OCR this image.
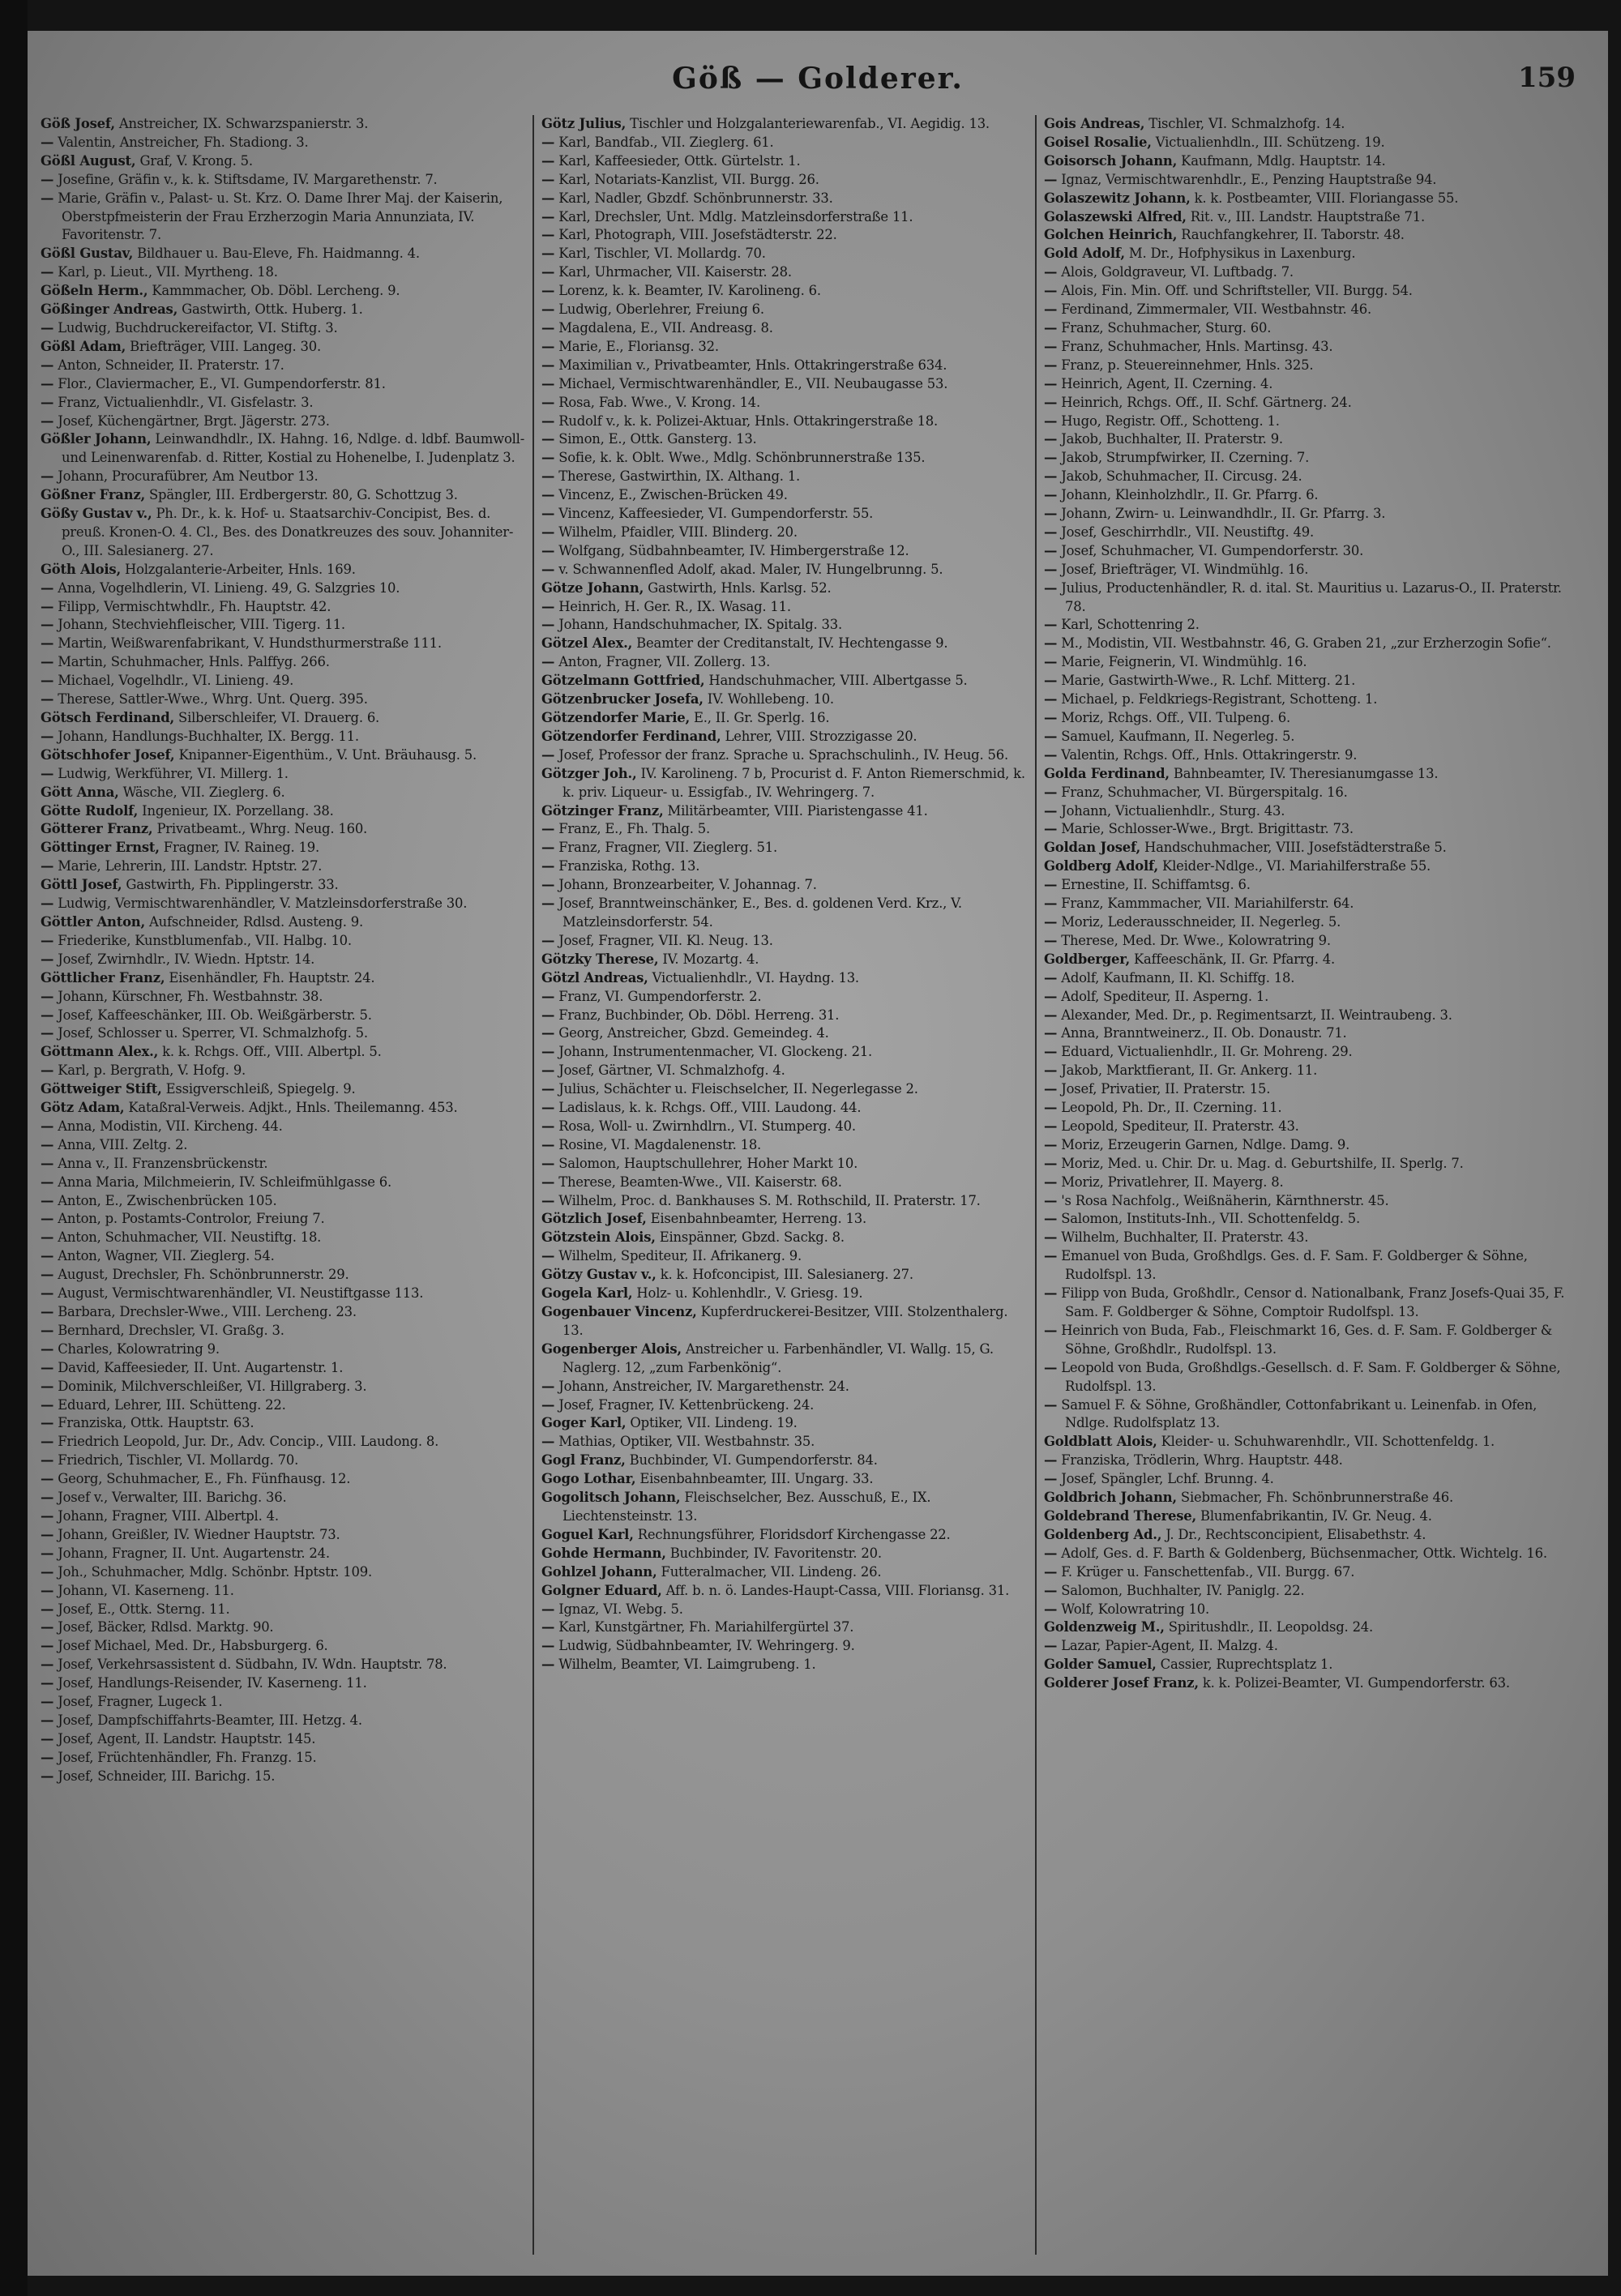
Göß — Golderer.	159
Göß Josef, Anstreicher, IX. Schwarzspanierstr. 3.
— Valentin, Anstreicher, Fh. Stadiong. 3.
Gößl August, Graf, V. Krong. 5.
— Josefine, Gräfin v., k. k. Stiftsdame, IV. Margarethenstr. 7.
— Marie, Gräfin v., Palast- u. St. Krz. O. Dame Ihrer Maj. der Kaiserin, Oberstpfmeisterin der Frau Erzherzogin Maria Annunziata, IV. Favoritenstr. 7.
Gößl Gustav, Bildhauer u. Bau-Eleve, Fh. Haidmanng. 4.
— Karl, p. Lieut., VII. Myrtheng. 18.
Gößeln Herm., Kammmacher, Ob. Döbl. Lercheng. 9.
Gößinger Andreas, Gastwirth, Ottk. Huberg. 1.
— Ludwig, Buchdruckereifactor, VI. Stiftg. 3.
Gößl Adam, Briefträger, VIII. Langeg. 30.
— Anton, Schneider, II. Praterstr. 17.
— Flor., Claviermacher, E., VI. Gumpendorferstr. 81.
— Franz, Victualienhdlr., VI. Gisfelastr. 3.
— Josef, Küchengärtner, Brgt. Jägerstr. 273.
Gößler Johann, Leinwandhdlr., IX. Hahng. 16, Ndlge. d. ldbf. Baumwoll- und Leinenwarenfab. d. Ritter, Kostial zu Hohenelbe, I. Judenplatz 3.
— Johann, Procurafübrer, Am Neutbor 13.
Gößner Franz, Spängler, III. Erdbergerstr. 80, G. Schottzug 3.
Gößy Gustav v., Ph. Dr., k. k. Hof- u. Staatsarchiv-Concipist, Bes. d. preuß. Kronen-O. 4. Cl., Bes. des Donatkreuzes des souv. Johanniter-O., III. Salesianerg. 27.
Göth Alois, Holzgalanterie-Arbeiter, Hnls. 169.
— Anna, Vogelhdlerin, VI. Linieng. 49, G. Salzgries 10.
— Filipp, Vermischtwhdlr., Fh. Hauptstr. 42.
— Johann, Stechviehfleischer, VIII. Tigerg. 11.
— Martin, Weißwarenfabrikant, V. Hundsthurmerstraße 111.
— Martin, Schuhmacher, Hnls. Palffyg. 266.
— Michael, Vogelhdlr., VI. Linieng. 49.
— Therese, Sattler-Wwe., Whrg. Unt. Querg. 395.
Götsch Ferdinand, Silberschleifer, VI. Drauerg. 6.
— Johann, Handlungs-Buchhalter, IX. Bergg. 11.
Götschhofer Josef, Knipanner-Eigenthüm., V. Unt. Bräuhausg. 5.
— Ludwig, Werkführer, VI. Millerg. 1.
Gött Anna, Wäsche, VII. Zieglerg. 6.
Götte Rudolf, Ingenieur, IX. Porzellang. 38.
Götterer Franz, Privatbeamt., Whrg. Neug. 160.
Göttinger Ernst, Fragner, IV. Raineg. 19.
— Marie, Lehrerin, III. Landstr. Hptstr. 27.
Göttl Josef, Gastwirth, Fh. Pipplingerstr. 33.
— Ludwig, Vermischtwarenhändler, V. Matzleinsdorferstraße 30.
Göttler Anton, Aufschneider, Rdlsd. Austeng. 9.
— Friederike, Kunstblumenfab., VII. Halbg. 10.
— Josef, Zwirnhdlr., IV. Wiedn. Hptstr. 14.
Göttlicher Franz, Eisenhändler, Fh. Hauptstr. 24.
— Johann, Kürschner, Fh. Westbahnstr. 38.
— Josef, Kaffeeschänker, III. Ob. Weißgärberstr. 5.
— Josef, Schlosser u. Sperrer, VI. Schmalzhofg. 5.
Göttmann Alex., k. k. Rchgs. Off., VIII. Albertpl. 5.
— Karl, p. Bergrath, V. Hofg. 9.
Göttweiger Stift, Essigverschleiß, Spiegelg. 9.
Götz Adam, Kataßral-Verweis. Adjkt., Hnls. Theilemanng. 453.
— Anna, Modistin, VII. Kircheng. 44.
— Anna, VIII. Zeltg. 2.
— Anna v., II. Franzensbrückenstr.
— Anna Maria, Milchmeierin, IV. Schleifmühlgasse 6.
— Anton, E., Zwischenbrücken 105.
— Anton, p. Postamts-Controlor, Freiung 7.
— Anton, Schuhmacher, VII. Neustiftg. 18.
— Anton, Wagner, VII. Zieglerg. 54.
— August, Drechsler, Fh. Schönbrunnerstr. 29.
— August, Vermischtwarenhändler, VI. Neustiftgasse 113.
— Barbara, Drechsler-Wwe., VIII. Lercheng. 23.
— Bernhard, Drechsler, VI. Graßg. 3.
— Charles, Kolowratring 9.
— David, Kaffeesieder, II. Unt. Augartenstr. 1.
— Dominik, Milchverschleißer, VI. Hillgraberg. 3.
— Eduard, Lehrer, III. Schütteng. 22.
— Franziska, Ottk. Hauptstr. 63.
— Friedrich Leopold, Jur. Dr., Adv. Concip., VIII. Laudong. 8.
— Friedrich, Tischler, VI. Mollardg. 70.
— Georg, Schuhmacher, E., Fh. Fünfhausg. 12.
— Josef v., Verwalter, III. Barichg. 36.
— Johann, Fragner, VIII. Albertpl. 4.
— Johann, Greißler, IV. Wiedner Hauptstr. 73.
— Johann, Fragner, II. Unt. Augartenstr. 24.
— Joh., Schuhmacher, Mdlg. Schönbr. Hptstr. 109.
— Johann, VI. Kaserneng. 11.
— Josef, E., Ottk. Sterng. 11.
— Josef, Bäcker, Rdlsd. Marktg. 90.
— Josef Michael, Med. Dr., Habsburgerg. 6.
— Josef, Verkehrsassistent d. Südbahn, IV. Wdn. Hauptstr. 78.
— Josef, Handlungs-Reisender, IV. Kaserneng. 11.
— Josef, Fragner, Lugeck 1.
— Josef, Dampfschiffahrts-Beamter, III. Hetzg. 4.
— Josef, Agent, II. Landstr. Hauptstr. 145.
— Josef, Früchtenhändler, Fh. Franzg. 15.
— Josef, Schneider, III. Barichg. 15.
Götz Julius, Tischler und Holzgalanteriewarenfab., VI. Aegidig. 13.
— Karl, Bandfab., VII. Zieglerg. 61.
— Karl, Kaffeesieder, Ottk. Gürtelstr. 1.
— Karl, Notariats-Kanzlist, VII. Burgg. 26.
— Karl, Nadler, Gbzdf. Schönbrunnerstr. 33.
— Karl, Drechsler, Unt. Mdlg. Matzleinsdorferstraße 11.
— Karl, Photograph, VIII. Josefstädterstr. 22.
— Karl, Tischler, VI. Mollardg. 70.
— Karl, Uhrmacher, VII. Kaiserstr. 28.
— Lorenz, k. k. Beamter, IV. Karolineng. 6.
— Ludwig, Oberlehrer, Freiung 6.
— Magdalena, E., VII. Andreasg. 8.
— Marie, E., Floriansg. 32.
— Maximilian v., Privatbeamter, Hnls. Ottakringerstraße 634.
— Michael, Vermischtwarenhändler, E., VII. Neubaugasse 53.
— Rosa, Fab. Wwe., V. Krong. 14.
— Rudolf v., k. k. Polizei-Aktuar, Hnls. Ottakringerstraße 18.
— Simon, E., Ottk. Gansterg. 13.
— Sofie, k. k. Oblt. Wwe., Mdlg. Schönbrunnerstraße 135.
— Therese, Gastwirthin, IX. Althang. 1.
— Vincenz, E., Zwischen-Brücken 49.
— Vincenz, Kaffeesieder, VI. Gumpendorferstr. 55.
— Wilhelm, Pfaidler, VIII. Blinderg. 20.
— Wolfgang, Südbahnbeamter, IV. Himbergerstraße 12.
— v. Schwannenfled Adolf, akad. Maler, IV. Hungelbrunng. 5.
Götze Johann, Gastwirth, Hnls. Karlsg. 52.
— Heinrich, H. Ger. R., IX. Wasag. 11.
— Johann, Handschuhmacher, IX. Spitalg. 33.
Götzel Alex., Beamter der Creditanstalt, IV. Hechtengasse 9.
— Anton, Fragner, VII. Zollerg. 13.
Götzelmann Gottfried, Handschuhmacher, VIII. Albertgasse 5.
Götzenbrucker Josefa, IV. Wohllebeng. 10.
Götzendorfer Marie, E., II. Gr. Sperlg. 16.
Götzendorfer Ferdinand, Lehrer, VIII. Strozzigasse 20.
— Josef, Professor der franz. Sprache u. Sprachschulinh., IV. Heug. 56.
Götzger Joh., IV. Karolineng. 7 b, Procurist d. F. Anton Riemerschmid, k. k. priv. Liqueur- u. Essigfab., IV. Wehringerg. 7.
Götzinger Franz, Militärbeamter, VIII. Piaristengasse 41.
— Franz, E., Fh. Thalg. 5.
— Franz, Fragner, VII. Zieglerg. 51.
— Franziska, Rothg. 13.
— Johann, Bronzearbeiter, V. Johannag. 7.
— Josef, Branntweinschänker, E., Bes. d. goldenen Verd. Krz., V. Matzleinsdorferstr. 54.
— Josef, Fragner, VII. Kl. Neug. 13.
Götzky Therese, IV. Mozartg. 4.
Götzl Andreas, Victualienhdlr., VI. Haydng. 13.
— Franz, VI. Gumpendorferstr. 2.
— Franz, Buchbinder, Ob. Döbl. Herreng. 31.
— Georg, Anstreicher, Gbzd. Gemeindeg. 4.
— Johann, Instrumentenmacher, VI. Glockeng. 21.
— Josef, Gärtner, VI. Schmalzhofg. 4.
— Julius, Schächter u. Fleischselcher, II. Negerlegasse 2.
— Ladislaus, k. k. Rchgs. Off., VIII. Laudong. 44.
— Rosa, Woll- u. Zwirnhdlrn., VI. Stumperg. 40.
— Rosine, VI. Magdalenenstr. 18.
— Salomon, Hauptschullehrer, Hoher Markt 10.
— Therese, Beamten-Wwe., VII. Kaiserstr. 68.
— Wilhelm, Proc. d. Bankhauses S. M. Rothschild, II. Praterstr. 17.
Götzlich Josef, Eisenbahnbeamter, Herreng. 13.
Götzstein Alois, Einspänner, Gbzd. Sackg. 8.
— Wilhelm, Spediteur, II. Afrikanerg. 9.
Götzy Gustav v., k. k. Hofconcipist, III. Salesianerg. 27.
Gogela Karl, Holz- u. Kohlenhdlr., V. Griesg. 19.
Gogenbauer Vincenz, Kupferdruckerei-Besitzer, VIII. Stolzenthalerg. 13.
Gogenberger Alois, Anstreicher u. Farbenhändler, VI. Wallg. 15, G. Naglerg. 12, „zum Farbenkönig“.
— Johann, Anstreicher, IV. Margarethenstr. 24.
— Josef, Fragner, IV. Kettenbrückeng. 24.
Goger Karl, Optiker, VII. Lindeng. 19.
— Mathias, Optiker, VII. Westbahnstr. 35.
Gogl Franz, Buchbinder, VI. Gumpendorferstr. 84.
Gogo Lothar, Eisenbahnbeamter, III. Ungarg. 33.
Gogolitsch Johann, Fleischselcher, Bez. Ausschuß, E., IX. Liechtensteinstr. 13.
Goguel Karl, Rechnungsführer, Floridsdorf Kirchengasse 22.
Gohde Hermann, Buchbinder, IV. Favoritenstr. 20.
Gohlzel Johann, Futteralmacher, VII. Lindeng. 26.
Golgner Eduard, Aff. b. n. ö. Landes-Haupt-Cassa, VIII. Floriansg. 31.
— Ignaz, VI. Webg. 5.
— Karl, Kunstgärtner, Fh. Mariahilfergürtel 37.
— Ludwig, Südbahnbeamter, IV. Wehringerg. 9.
— Wilhelm, Beamter, VI. Laimgrubeng. 1.
Gois Andreas, Tischler, VI. Schmalzhofg. 14.
Goisel Rosalie, Victualienhdln., III. Schützeng. 19.
Goisorsch Johann, Kaufmann, Mdlg. Hauptstr. 14.
— Ignaz, Vermischtwarenhdlr., E., Penzing Hauptstraße 94.
Golaszewitz Johann, k. k. Postbeamter, VIII. Floriangasse 55.
Golaszewski Alfred, Rit. v., III. Landstr. Hauptstraße 71.
Golchen Heinrich, Rauchfangkehrer, II. Taborstr. 48.
Gold Adolf, M. Dr., Hofphysikus in Laxenburg.
— Alois, Goldgraveur, VI. Luftbadg. 7.
— Alois, Fin. Min. Off. und Schriftsteller, VII. Burgg. 54.
— Ferdinand, Zimmermaler, VII. Westbahnstr. 46.
— Franz, Schuhmacher, Sturg. 60.
— Franz, Schuhmacher, Hnls. Martinsg. 43.
— Franz, p. Steuereinnehmer, Hnls. 325.
— Heinrich, Agent, II. Czerning. 4.
— Heinrich, Rchgs. Off., II. Schf. Gärtnerg. 24.
— Hugo, Registr. Off., Schotteng. 1.
— Jakob, Buchhalter, II. Praterstr. 9.
— Jakob, Strumpfwirker, II. Czerning. 7.
— Jakob, Schuhmacher, II. Circusg. 24.
— Johann, Kleinholzhdlr., II. Gr. Pfarrg. 6.
— Johann, Zwirn- u. Leinwandhdlr., II. Gr. Pfarrg. 3.
— Josef, Geschirrhdlr., VII. Neustiftg. 49.
— Josef, Schuhmacher, VI. Gumpendorferstr. 30.
— Josef, Briefträger, VI. Windmühlg. 16.
— Julius, Productenhändler, R. d. ital. St. Mauritius u. Lazarus-O., II. Praterstr. 78.
— Karl, Schottenring 2.
— M., Modistin, VII. Westbahnstr. 46, G. Graben 21, „zur Erzherzogin Sofie“.
— Marie, Feignerin, VI. Windmühlg. 16.
— Marie, Gastwirth-Wwe., R. Lchf. Mitterg. 21.
— Michael, p. Feldkriegs-Registrant, Schotteng. 1.
— Moriz, Rchgs. Off., VII. Tulpeng. 6.
— Samuel, Kaufmann, II. Negerleg. 5.
— Valentin, Rchgs. Off., Hnls. Ottakringerstr. 9.
Golda Ferdinand, Bahnbeamter, IV. Theresianumgasse 13.
— Franz, Schuhmacher, VI. Bürgerspitalg. 16.
— Johann, Victualienhdlr., Sturg. 43.
— Marie, Schlosser-Wwe., Brgt. Brigittastr. 73.
Goldan Josef, Handschuhmacher, VIII. Josefstädterstraße 5.
Goldberg Adolf, Kleider-Ndlge., VI. Mariahilferstraße 55.
— Ernestine, II. Schiffamtsg. 6.
— Franz, Kammmacher, VII. Mariahilferstr. 64.
— Moriz, Lederausschneider, II. Negerleg. 5.
— Therese, Med. Dr. Wwe., Kolowratring 9.
Goldberger, Kaffeeschänk, II. Gr. Pfarrg. 4.
— Adolf, Kaufmann, II. Kl. Schiffg. 18.
— Adolf, Spediteur, II. Asperng. 1.
— Alexander, Med. Dr., p. Regimentsarzt, II. Weintraubeng. 3.
— Anna, Branntweinerz., II. Ob. Donaustr. 71.
— Eduard, Victualienhdlr., II. Gr. Mohreng. 29.
— Jakob, Marktfierant, II. Gr. Ankerg. 11.
— Josef, Privatier, II. Praterstr. 15.
— Leopold, Ph. Dr., II. Czerning. 11.
— Leopold, Spediteur, II. Praterstr. 43.
— Moriz, Erzeugerin Garnen, Ndlge. Damg. 9.
— Moriz, Med. u. Chir. Dr. u. Mag. d. Geburtshilfe, II. Sperlg. 7.
— Moriz, Privatlehrer, II. Mayerg. 8.
— 's Rosa Nachfolg., Weißnäherin, Kärnthnerstr. 45.
— Salomon, Instituts-Inh., VII. Schottenfeldg. 5.
— Wilhelm, Buchhalter, II. Praterstr. 43.
— Emanuel von Buda, Großhdlgs. Ges. d. F. Sam. F. Goldberger & Söhne, Rudolfspl. 13.
— Filipp von Buda, Großhdlr., Censor d. Nationalbank, Franz Josefs-Quai 35, F. Sam. F. Goldberger & Söhne, Comptoir Rudolfspl. 13.
— Heinrich von Buda, Fab., Fleischmarkt 16, Ges. d. F. Sam. F. Goldberger & Söhne, Großhdlr., Rudolfspl. 13.
— Leopold von Buda, Großhdlgs.-Gesellsch. d. F. Sam. F. Goldberger & Söhne, Rudolfspl. 13.
— Samuel F. & Söhne, Großhändler, Cottonfabrikant u. Leinenfab. in Ofen, Ndlge. Rudolfsplatz 13.
Goldblatt Alois, Kleider- u. Schuhwarenhdlr., VII. Schottenfeldg. 1.
— Franziska, Trödlerin, Whrg. Hauptstr. 448.
— Josef, Spängler, Lchf. Brunng. 4.
Goldbrich Johann, Siebmacher, Fh. Schönbrunnerstraße 46.
Goldebrand Therese, Blumenfabrikantin, IV. Gr. Neug. 4.
Goldenberg Ad., J. Dr., Rechtsconcipient, Elisabethstr. 4.
— Adolf, Ges. d. F. Barth & Goldenberg, Büchsenmacher, Ottk. Wichtelg. 16.
— F. Krüger u. Fanschettenfab., VII. Burgg. 67.
— Salomon, Buchhalter, IV. Paniglg. 22.
— Wolf, Kolowratring 10.
Goldenzweig M., Spiritushdlr., II. Leopoldsg. 24.
— Lazar, Papier-Agent, II. Malzg. 4.
Golder Samuel, Cassier, Ruprechtsplatz 1.
Golderer Josef Franz, k. k. Polizei-Beamter, VI. Gumpendorferstr. 63.
